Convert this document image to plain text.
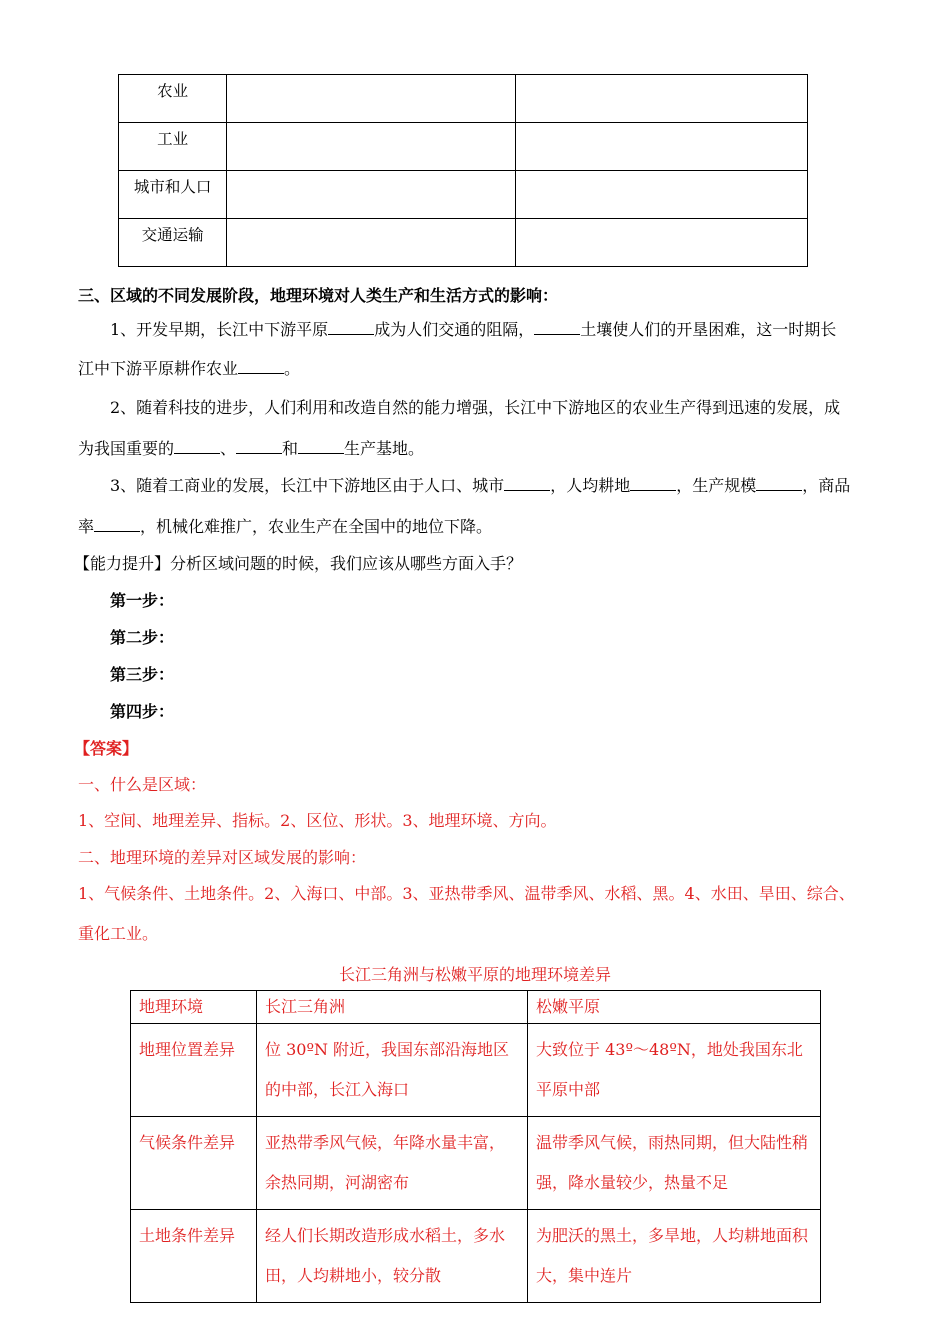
农业		
工业		
城市和人口		
交通运输		
三、区域的不同发展阶段，地理环境对人类生产和生活方式的影响：
1、开发早期，长江中下游平原	成为人们交通的阻隔，	土壤使人们的开垦困难，这一时期长
江中下游平原耕作农业	。
2、随着科技的进步，人们利用和改造自然的能力增强，长江中下游地区的农业生产得到迅速的发展，成
为我国重要的	、	和	生产基地。
3、随着工商业的发展，长江中下游地区由于人口、城市	，人均耕地	，生产规模	，商品
率	，机械化难推广，农业生产在全国中的地位下降。
【能力提升】分析区域问题的时候，我们应该从哪些方面入手？
第一步：
第二步：
第三步：
第四步：
【答案】
一、什么是区域：
1、空间、地理差异、指标。2、区位、形状。3、地理环境、方向。
二、地理环境的差异对区域发展的影响：
1、气候条件、土地条件。2、入海口、中部。3、亚热带季风、温带季风、水稻、黑。4、水田、旱田、综合、
重化工业。
长江三角洲与松嫩平原的地理环境差异
地理环境	长江三角洲	松嫩平原
地理位置差异	位 30ºN 附近，我国东部沿海地区的中部，长江入海口	大致位于 43º～48ºN，地处我国东北平原中部
气候条件差异	亚热带季风气候，年降水量丰富，余热同期，河湖密布	温带季风气候，雨热同期，但大陆性稍强，降水量较少，热量不足
土地条件差异	经人们长期改造形成水稻土，多水田，人均耕地小，较分散	为肥沃的黑土，多旱地，人均耕地面积大，集中连片
